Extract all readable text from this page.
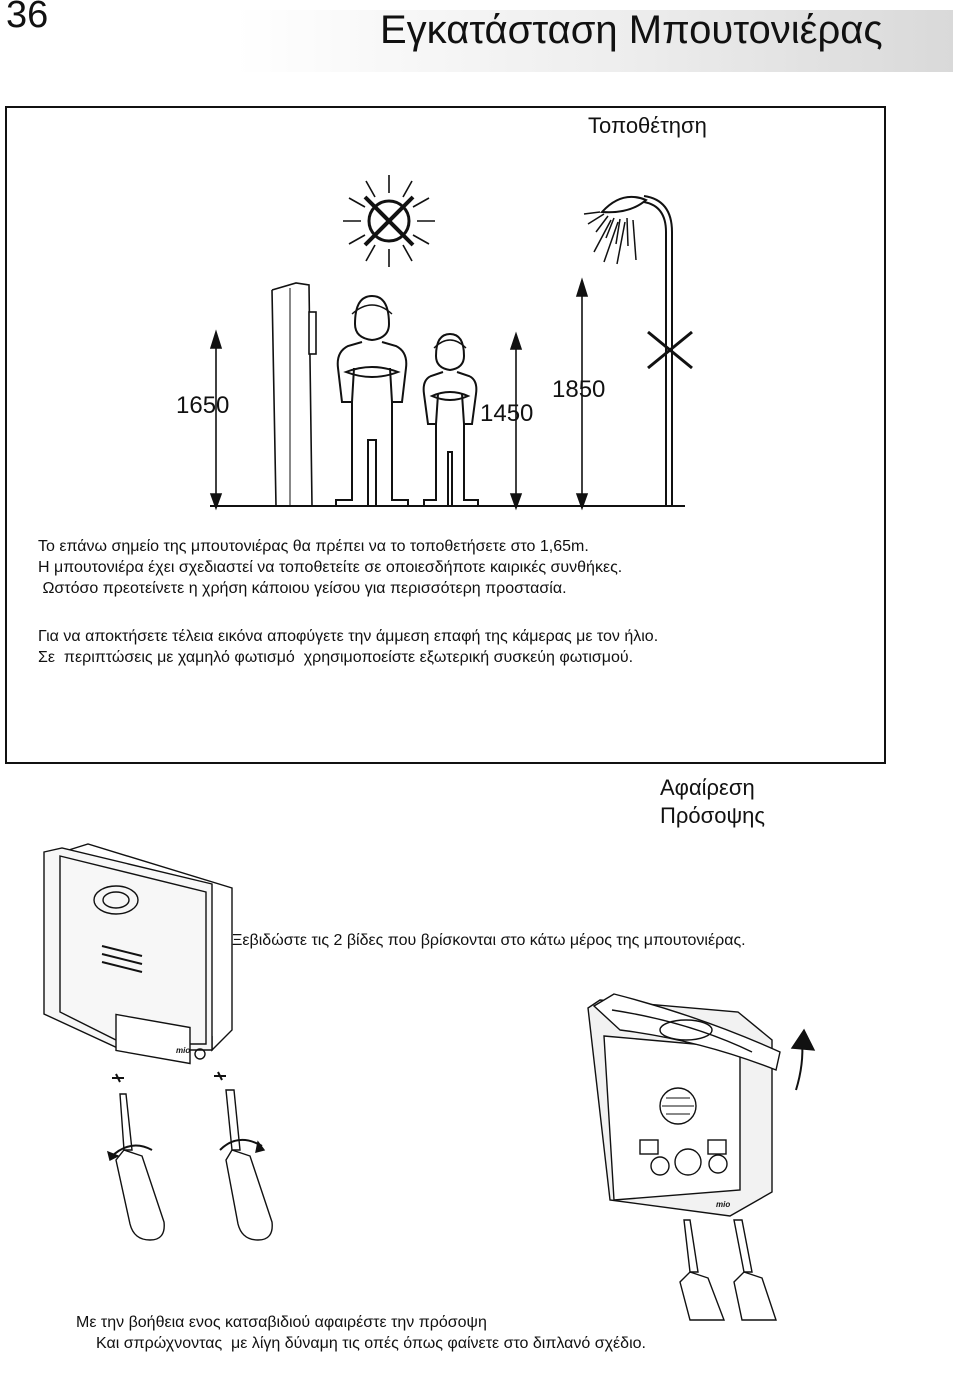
36	Εγκατάσταση Μπουτονιέρας
Τοποθέτηση
1650	1450
1850
Το επάνω σημείο της μπουτονιέρας θα πρέπει να το τοποθετήσετε στο 1,65m.
Η μπουτονιέρα έχει σχεδιαστεί να τοποθετείτε σε οποιεσδήποτε καιρικές συνθήκες.
Ωστόσο πρεοτείνετε η χρήση κάποιου γείσου για περισσότερη προστασία.
Για να αποκτήσετε τέλεια εικόνα αποφύγετε την άμμεση επαφή της κάμερας με τον ήλιο.
Σε  περιπτώσεις με χαμηλό φωτισμό  χρησιμοποείστε εξωτερική συσκεύη φωτισμού.
Αφαίρεση
Πρόσοψης
Ξεβιδώστε τις 2 βίδες που βρίσκονται στο κάτω μέρος της μπουτονιέρας.
mio
mio
Με την βοήθεια ενος κατσαβιδιού αφαιρέστε την πρόσοψη
Και σπρώχνοντας  με λίγη δύναμη τις οπές όπως φαίνετε στο διπλανό σχέδιο.
